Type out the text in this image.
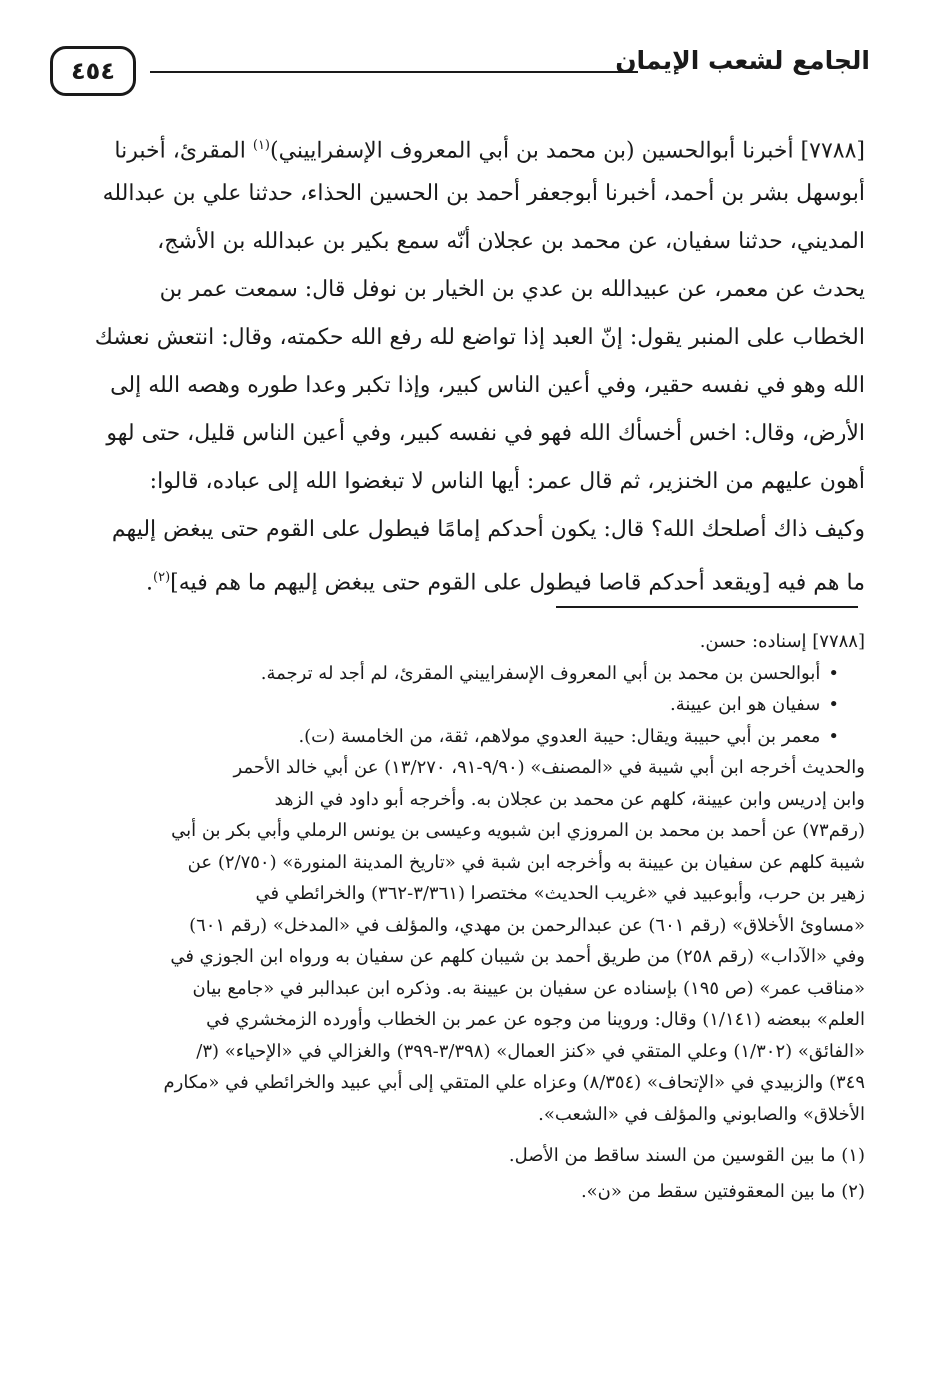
الجامع لشعب الإيمان
٤٥٤
[٧٧٨٨] أخبرنا أبوالحسين (بن محمد بن أبي المعروف الإسفراييني)$^{(١)}$ المقرئ، أخبرنا
أبوسهل بشر بن أحمد، أخبرنا أبوجعفر أحمد بن الحسين الحذاء، حدثنا علي بن عبدالله
المديني، حدثنا سفيان، عن محمد بن عجلان أنّه سمع بكير بن عبدالله بن الأشج،
يحدث عن معمر، عن عبيدالله بن عدي بن الخيار بن نوفل قال: سمعت عمر بن
الخطاب على المنبر يقول: إنّ العبد إذا تواضع لله رفع الله حكمته، وقال: انتعش نعشك
الله وهو في نفسه حقير، وفي أعين الناس كبير، وإذا تكبر وعدا طوره وهصه الله إلى
الأرض، وقال: اخس أخسأك الله فهو في نفسه كبير، وفي أعين الناس قليل، حتى لهو
أهون عليهم من الخنزير، ثم قال عمر: أيها الناس لا تبغضوا الله إلى عباده، قالوا:
وكيف ذاك أصلحك الله؟ قال: يكون أحدكم إمامًا فيطول على القوم حتى يبغض إليهم
ما هم فيه [ويقعد أحدكم قاصا فيطول على القوم حتى يبغض إليهم ما هم فيه]$^{(٢)}$.
[٧٧٨٨] إسناده: حسن.
•أبوالحسن بن محمد بن أبي المعروف الإسفراييني المقرئ، لم أجد له ترجمة.
•سفيان هو ابن عيينة.
•معمر بن أبي حبيبة ويقال: حيبة العدوي مولاهم، ثقة، من الخامسة (ت).
والحديث أخرجه ابن أبي شيبة في «المصنف» (٩/٩٠-٩١، ١٣/٢٧٠) عن أبي خالد الأحمر
وابن إدريس وابن عيينة، كلهم عن محمد بن عجلان به. وأخرجه أبو داود في الزهد
(رقم٧٣) عن أحمد بن محمد بن المروزي ابن شبويه وعيسى بن يونس الرملي وأبي بكر بن أبي
شيبة كلهم عن سفيان بن عيينة به وأخرجه ابن شبة في «تاريخ المدينة المنورة» (٢/٧٥٠) عن
زهير بن حرب، وأبوعبيد في «غريب الحديث» مختصرا (٣/٣٦١-٣٦٢) والخرائطي في
«مساوئ الأخلاق» (رقم ٦٠١) عن عبدالرحمن بن مهدي، والمؤلف في «المدخل» (رقم ٦٠١)
وفي «الآداب» (رقم ٢٥٨) من طريق أحمد بن شيبان كلهم عن سفيان به ورواه ابن الجوزي في
«مناقب عمر» (ص ١٩٥) بإسناده عن سفيان بن عيينة به. وذكره ابن عبدالبر في «جامع بيان
العلم» ببعضه (١/١٤١) وقال: وروينا من وجوه عن عمر بن الخطاب وأورده الزمخشري في
«الفائق» (١/٣٠٢) وعلي المتقي في «كنز العمال» (٣/٣٩٨-٣٩٩) والغزالي في «الإحياء» (٣/
٣٤٩) والزبيدي في «الإتحاف» (٨/٣٥٤) وعزاه علي المتقي إلى أبي عبيد والخرائطي في «مكارم
الأخلاق» والصابوني والمؤلف في «الشعب».
(١) ما بين القوسين من السند ساقط من الأصل.
(٢) ما بين المعقوفتين سقط من «ن».
